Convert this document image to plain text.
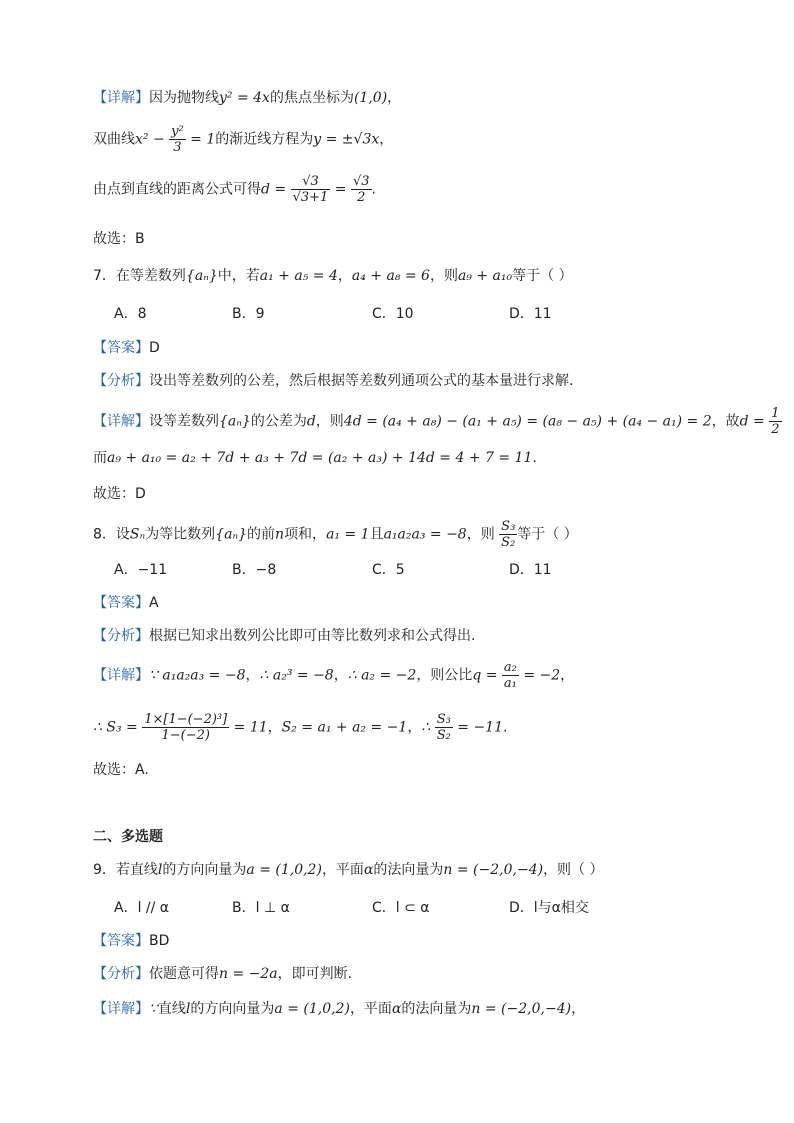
【详解】因为抛物线y² = 4x的焦点坐标为(1,0)，
双曲线$x^2 - \frac{\text{y²}}{3} = 1$的渐近线方程为y = ±√3x，
由点到直线的距离公式可得$d = \frac{√3}{√3+1} = \frac{√3}{2}$ .
故选：B
7．在等差数列{aₙ}中，若a₁ + a₅ = 4，a₄ + a₈ = 6，则a₉ + a₁₀等于（ ）
A．8	B．9	C．10	D．11
【答案】D
【分析】设出等差数列的公差，然后根据等差数列通项公式的基本量进行求解.
【详解】设等差数列{aₙ}的公差为d，则4d = (a₄ + a₈) − (a₁ + a₅) = (a₈ − a₅) + (a₄ − a₁) = 2，故$d = \frac{1}{2}$
而a₉ + a₁₀ = a₂ + 7d + a₃ + 7d = (a₂ + a₃) + 14d = 4 + 7 = 11.
故选：D
8．设Sₙ为等比数列{aₙ}的前n项和，a₁ = 1且a₁a₂a₃ = −8，则 $\frac{\text{S₃}}{\text{S₂}}$ 等于（ ）
A．−11	B．−8	C．5	D．11
【答案】A
【分析】根据已知求出数列公比即可由等比数列求和公式得出.
【详解】∵ a₁a₂a₃ = −8，∴ a₂³ = −8，∴ a₂ = −2，则公比$q = \frac{\text{a₂}}{\text{a₁}} = -2$，
∴ $S_3 = \frac{\text{1×[1−(−2)³]}}{1-(-2)} = 11$，S₂ = a₁ + a₂ = −1，∴ $\frac{\text{S₃}}{\text{S₂}} = -11$.
故选：A.
二、多选题
9．若直线l的方向向量为a = (1,0,2)，平面α的法向量为n = (−2,0,−4)，则（ ）
A．l // α	B．l ⊥ α	C．l ⊂ α	D．l与α相交
【答案】BD
【分析】依题意可得n = −2a，即可判断.
【详解】∵直线l的方向向量为a = (1,0,2)，平面α的法向量为n = (−2,0,−4)，
